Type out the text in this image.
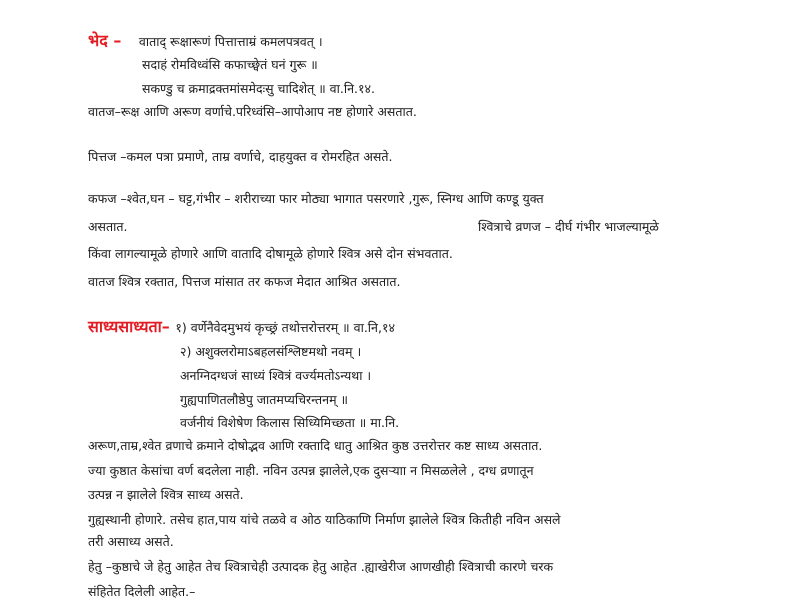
भेद – वाताद् रूक्षारूणं पित्तात्ताम्रं कमलपत्रवत् ।
सदाहं रोमविध्वंसि कफाच्छ्वेतं घनं गुरू ॥
सकण्डु च क्रमाद्रक्तमांसमेदःसु चादिशेत् ॥ वा.नि.१४.
वातज–रूक्ष आणि अरूण वर्णाचे.परिध्वंसि–आपोआप नष्ट होणारे असतात.
पित्तज –कमल पत्रा प्रमाणे, ताम्र वर्णाचे, दाहयुक्त व रोमरहित असते.
कफज –श्वेत,घन – घट्ट,गंभीर – शरीराच्या फार मोठ्या भागात पसरणारे ,गुरू, स्निग्ध आणि कण्डू युक्त
असतात.	श्वित्राचे व्रणज – दीर्घ गंभीर भाजल्यामूळे
किंवा लागल्यामूळे होणारे आणि वातादि दोषामूळे होणारे श्वित्र असे दोन संभवतात.
वातज श्वित्र रक्तात, पित्तज मांसात तर कफज मेदात आश्रित असतात.
साध्यसाध्यता– १) वर्णेनैवेदमुभयं कृच्छ्रं तथोत्तरोत्तरम् ॥ वा.नि,१४
२) अशुक्लरोमाऽबहलसंश्लिष्टमथो नवम् ।
अनग्निदग्धजं साध्यं श्वित्रं वर्ज्यमतोऽन्यथा ।
गुह्यपाणितलौष्ठेपु जातमप्यचिरन्तनम् ॥
वर्जनीयं विशेषेण किलास सिध्यिमिच्छता ॥ मा.नि.
अरूण,ताम्र,श्वेत व्रणाचे क्रमाने दोषोद्भव आणि रक्तादि धातु आश्रित कुष्ठ उत्तरोत्तर कष्ट साध्य असतात.
ज्या कुष्ठात केसांचा वर्ण बदलेला नाही. नविन उत्पन्न झालेले,एक दुसऱ्याा न मिसळलेले , दग्ध व्रणातून
उत्पन्न न झालेले श्वित्र साध्य असते.
गुह्यस्थानी होणारे. तसेच हात,पाय यांचे तळवे व ओठ याठिकाणि निर्माण झालेले श्वित्र कितीही नविन असले
तरी असाध्य असते.
हेतु –कुष्ठाचे जे हेतु आहेत तेच श्वित्राचेही उत्पादक हेतु आहेत .ह्याखेरीज आणखीही श्वित्राची कारणे चरक
संहितेत दिलेली आहेत.–
